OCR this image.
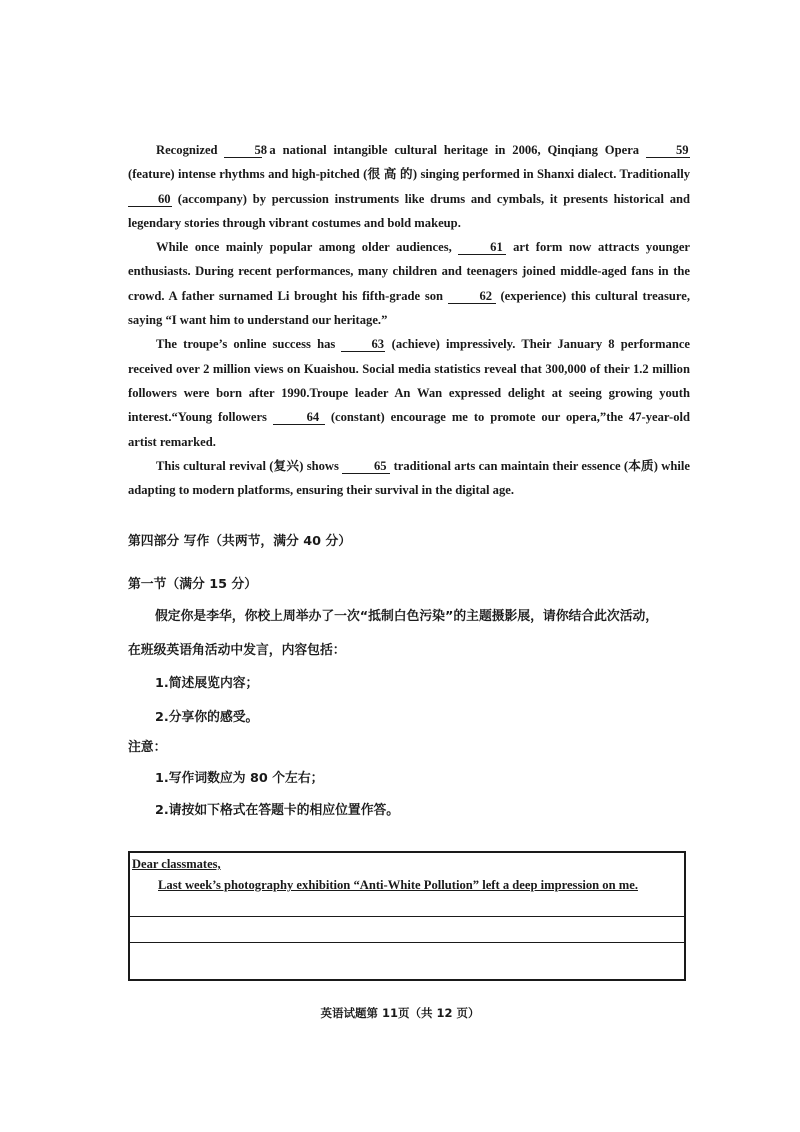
Recognized	58 a national intangible cultural heritage in 2006, Qinqiang Opera	59 (feature) intense rhythms and high-pitched (很 高 的) singing performed in Shanxi dialect. Traditionally 60 (accompany) by percussion instruments like drums and cymbals, it presents historical and legendary stories through vibrant costumes and bold makeup.

While once mainly popular among older audiences,	61 art form now attracts younger enthusiasts. During recent performances, many children and teenagers joined middle-aged fans in the crowd. A father surnamed Li brought his fifth-grade son	62 (experience) this cultural treasure, saying “I want him to understand our heritage.”

The troupe’s online success has	63 (achieve) impressively. Their January 8 performance received over 2 million views on Kuaishou. Social media statistics reveal that 300,000 of their 1.2 million followers were born after 1990.Troupe leader An Wan expressed delight at seeing growing youth interest.“Young followers	64 (constant) encourage me to promote our opera,”the 47-year-old artist remarked.

This cultural revival (复兴) shows	65 traditional arts can maintain their essence (本质) while adapting to modern platforms, ensuring their survival in the digital age.

第四部分 写作（共两节，满分 40 分）
第一节（满分 15 分）
假定你是李华，你校上周举办了一次“抵制白色污染”的主题摄影展，请你结合此次活动，
在班级英语角活动中发言，内容包括：
1.简述展览内容；
2.分享你的感受。
注意：
1.写作词数应为 80 个左右；
2.请按如下格式在答题卡的相应位置作答。
Dear classmates,
Last week’s photography exhibition “Anti-White Pollution” left a deep impression on me.
英语试题第 11页（共 12 页）
